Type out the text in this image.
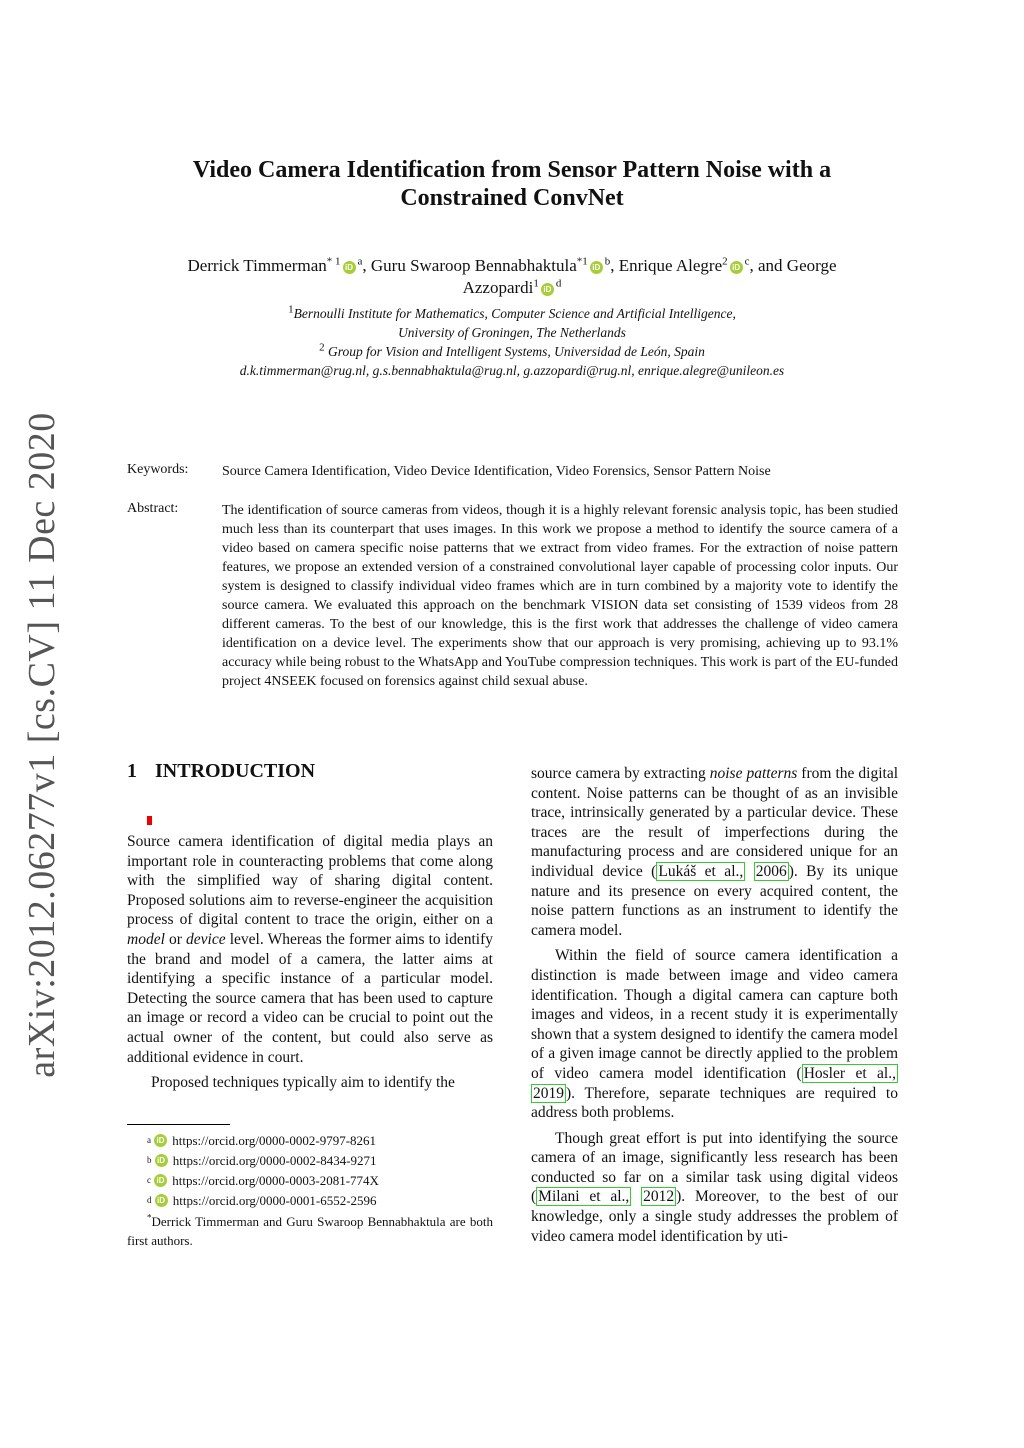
arXiv:2012.06277v1 [cs.CV] 11 Dec 2020
Video Camera Identification from Sensor Pattern Noise with a
Constrained ConvNet
Derrick Timmerman$^{* 1}$ iD $^a$, Guru Swaroop Bennabhaktula$^{*1}$ iD $^b$, Enrique Alegre$^2$ iD $^c$, and George
Azzopardi$^1$ iD $^d$
$^1$Bernoulli Institute for Mathematics, Computer Science and Artificial Intelligence,
University of Groningen, The Netherlands
$^2$ Group for Vision and Intelligent Systems, Universidad de León, Spain
d.k.timmerman@rug.nl, g.s.bennabhaktula@rug.nl, g.azzopardi@rug.nl, enrique.alegre@unileon.es
Keywords: Source Camera Identification, Video Device Identification, Video Forensics, Sensor Pattern Noise
Abstract:	The identification of source cameras from videos, though it is a highly relevant forensic analysis topic, has been studied much less than its counterpart that uses images. In this work we propose a method to identify the source camera of a video based on camera specific noise patterns that we extract from video frames. For the extraction of noise pattern features, we propose an extended version of a constrained convolutional layer capable of processing color inputs. Our system is designed to classify individual video frames which are in turn combined by a majority vote to identify the source camera. We evaluated this approach on the benchmark VISION data set consisting of 1539 videos from 28 different cameras. To the best of our knowledge, this is the first work that addresses the challenge of video camera identification on a device level. The experiments show that our approach is very promising, achieving up to 93.1% accuracy while being robust to the WhatsApp and YouTube compression techniques. This work is part of the EU-funded project 4NSEEK focused on forensics against child sexual abuse.
1 INTRODUCTION

Source camera identification of digital media plays an important role in counteracting problems that come along with the simplified way of sharing digital content. Proposed solutions aim to reverse-engineer the acquisition process of digital content to trace the origin, either on a model or device level. Whereas the former aims to identify the brand and model of a camera, the latter aims at identifying a specific instance of a particular model. Detecting the source camera that has been used to capture an image or record a video can be crucial to point out the actual owner of the content, but could also serve as additional evidence in court.

Proposed techniques typically aim to identify the

a iD
https://orcid.org/0000-0002-9797-8261
b iD
https://orcid.org/0000-0002-8434-9271
c iD
https://orcid.org/0000-0003-2081-774X
d iD
https://orcid.org/0000-0001-6552-2596
*Derrick Timmerman and Guru Swaroop Bennabhaktula are both first authors.

source camera by extracting noise patterns from the digital content. Noise patterns can be thought of as an invisible trace, intrinsically generated by a particular device. These traces are the result of imperfections during the manufacturing process and are considered unique for an individual device ( Lukáš et al., 2006 ). By its unique nature and its presence on every acquired content, the noise pattern functions as an instrument to identify the camera model.

Within the field of source camera identification a distinction is made between image and video camera identification. Though a digital camera can capture both images and videos, in a recent study it is experimentally shown that a system designed to identify the camera model of a given image cannot be directly applied to the problem of video camera model identification ( Hosler et al., 2019 ). Therefore, separate techniques are required to address both problems.

Though great effort is put into identifying the source camera of an image, significantly less research has been conducted so far on a similar task using digital videos ( Milani et al., 2012 ). Moreover, to the best of our knowledge, only a single study addresses the problem of video camera model identification by uti-
